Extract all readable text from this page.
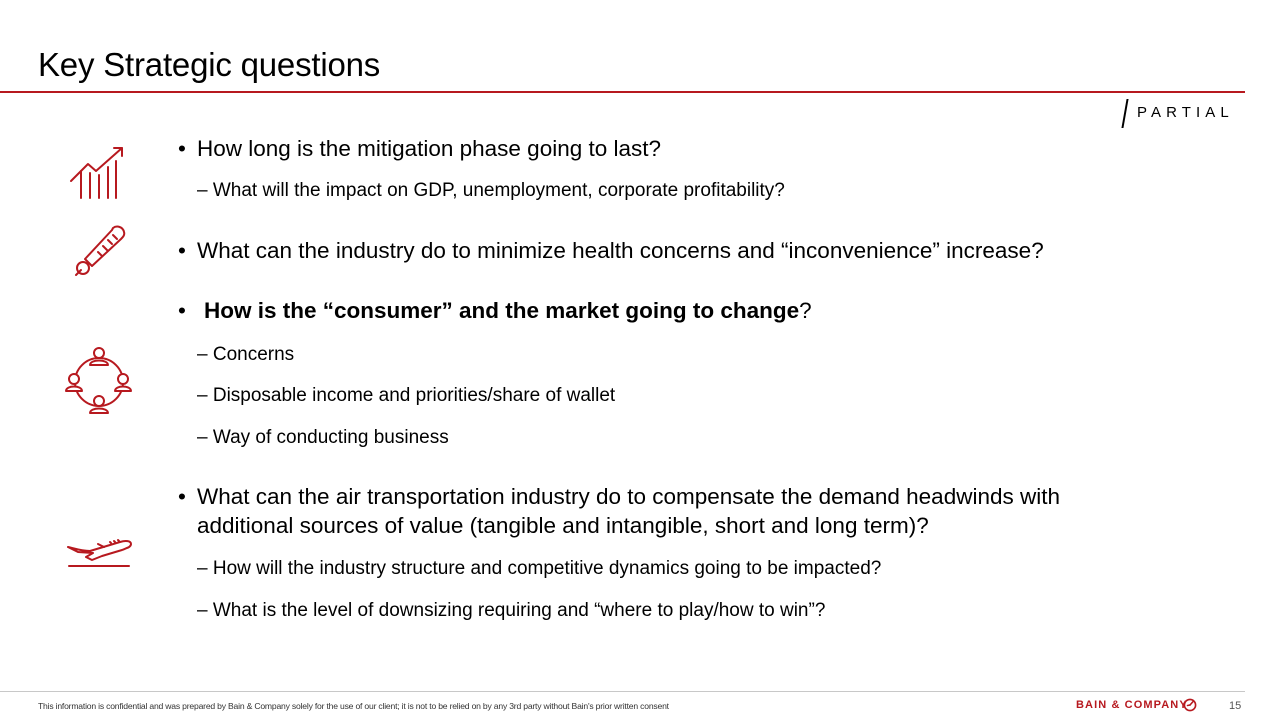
Key Strategic questions
PARTIAL
• How long is the mitigation phase going to last?
– What will the impact on GDP, unemployment, corporate profitability?
• What can the industry do to minimize health concerns and “inconvenience” increase?
• How is the “consumer” and the market going to change?
– Concerns
– Disposable income and priorities/share of wallet
– Way of conducting business
• What can the air transportation industry do to compensate the demand headwinds with
additional sources of value (tangible and intangible, short and long term)?
– How will the industry structure and competitive dynamics going to be impacted?
– What is the level of downsizing requiring and “where to play/how to win”?
This information is confidential and was prepared by Bain & Company solely for the use of our client; it is not to be relied on by any 3rd party without Bain's prior written consent	BAIN & COMPANY	15
